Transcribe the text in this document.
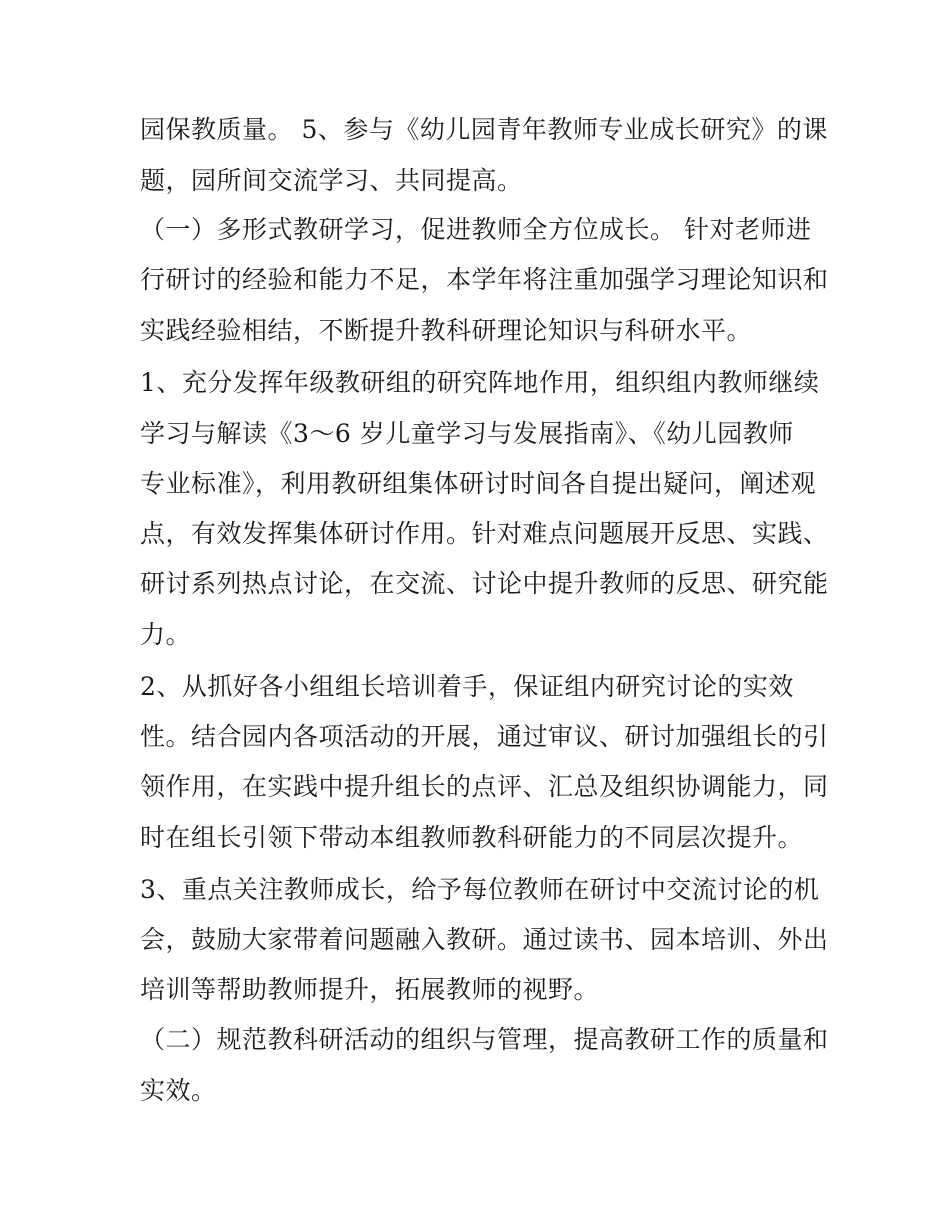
园保教质量。 5、参与《幼儿园青年教师专业成长研究》的课
题，园所间交流学习、共同提高。
（一）多形式教研学习，促进教师全方位成长。 针对老师进
行研讨的经验和能力不足，本学年将注重加强学习理论知识和
实践经验相结，不断提升教科研理论知识与科研水平。
1、充分发挥年级教研组的研究阵地作用，组织组内教师继续
学习与解读《3～6 岁儿童学习与发展指南》、《幼儿园教师
专业标准》，利用教研组集体研讨时间各自提出疑问，阐述观
点，有效发挥集体研讨作用。针对难点问题展开反思、实践、
研讨系列热点讨论，在交流、讨论中提升教师的反思、研究能
力。
2、从抓好各小组组长培训着手，保证组内研究讨论的实效
性。结合园内各项活动的开展，通过审议、研讨加强组长的引
领作用，在实践中提升组长的点评、汇总及组织协调能力，同
时在组长引领下带动本组教师教科研能力的不同层次提升。
3、重点关注教师成长，给予每位教师在研讨中交流讨论的机
会，鼓励大家带着问题融入教研。通过读书、园本培训、外出
培训等帮助教师提升，拓展教师的视野。
（二）规范教科研活动的组织与管理，提高教研工作的质量和
实效。
